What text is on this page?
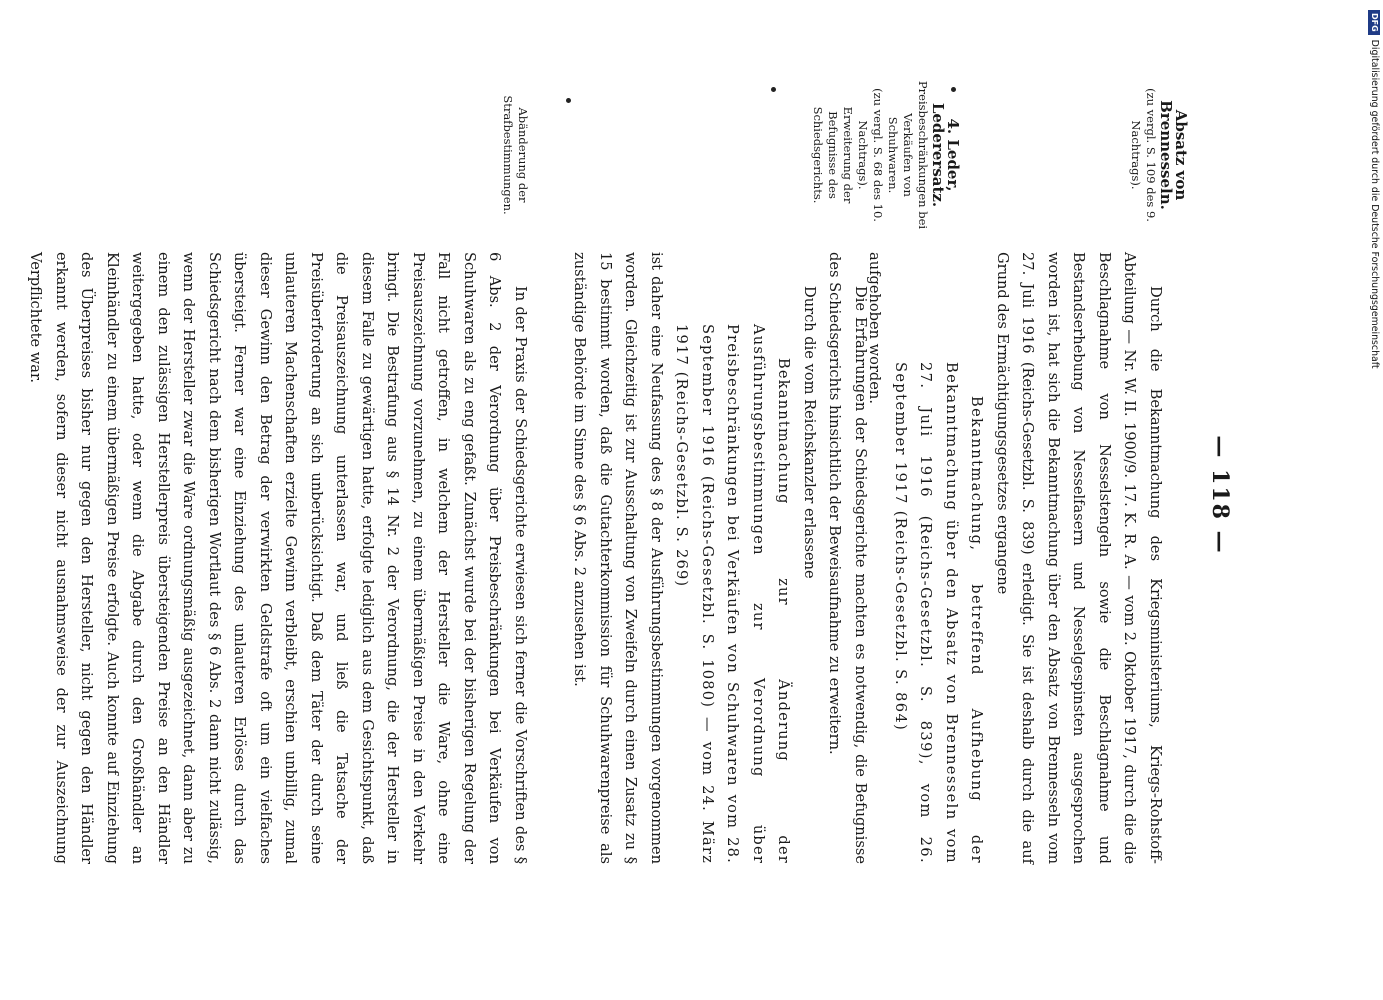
— 118 —
Absatz von Brennesseln.
(zu vergl. S. 109 des 9. Nachtrags).
4. Leder, Lederersatz.
Preisbeschränkungen bei Verkäufen von Schuhwaren.
(zu vergl. S. 68 des 10. Nachtrags).
Erweiterung der Befugnisse des Schiedsgerichts.
Abänderung der Strafbestimmungen.

Durch die Bekanntmachung des Kriegsministeriums, Kriegs-Rohstoff-Abteilung — Nr. W. II. 1900/9. 17. K. R. A. — vom 2. Oktober 1917, durch die die Beschlagnahme von Nesselstengeln sowie die Beschlagnahme und Bestandserhebung von Nesselfasern und Nesselgespinsten ausgesprochen worden ist, hat sich die Bekanntmachung über den Absatz von Brennesseln vom 27. Juli 1916 (Reichs-Gesetzbl. S. 839) erledigt. Sie ist deshalb durch die auf Grund des Ermächtigungsgesetzes ergangene

Bekanntmachung, betreffend Aufhebung der Bekanntmachung über den Absatz von Brennesseln vom 27. Juli 1916 (Reichs-Gesetzbl. S. 839), vom 26. September 1917 (Reichs-Gesetzbl. S. 864)

aufgehoben worden.

Die Erfahrungen der Schiedsgerichte machten es notwendig, die Befugnisse des Schiedsgerichts hinsichtlich der Beweisaufnahme zu erweitern.

Durch die vom Reichskanzler erlassene

Bekanntmachung zur Änderung der Ausführungsbestimmungen zur Verordnung über Preisbeschränkungen bei Verkäufen von Schuhwaren vom 28. September 1916 (Reichs-Gesetzbl. S. 1080) — vom 24. März 1917 (Reichs-Gesetzbl. S. 269)

ist daher eine Neufassung des § 8 der Ausführungsbestimmungen vorgenommen worden. Gleichzeitig ist zur Ausschaltung von Zweifeln durch einen Zusatz zu § 15 bestimmt worden, daß die Gutachterkommission für Schuhwarenpreise als zuständige Behörde im Sinne des § 6 Abs. 2 anzusehen ist.

In der Praxis der Schiedsgerichte erwiesen sich ferner die Vorschriften des § 6 Abs. 2 der Verordnung über Preisbeschränkungen bei Verkäufen von Schuhwaren als zu eng gefaßt. Zunächst wurde bei der bisherigen Regelung der Fall nicht getroffen, in welchem der Hersteller die Ware, ohne eine Preisauszeichnung vorzunehmen, zu einem übermäßigen Preise in den Verkehr bringt. Die Bestrafung aus § 14 Nr. 2 der Verordnung, die der Hersteller in diesem Falle zu gewärtigen hatte, erfolgte lediglich aus dem Gesichtspunkt, daß die Preisauszeichnung unterlassen war, und ließ die Tatsache der Preisüberforderung an sich unberücksichtigt. Daß dem Täter der durch seine unlauteren Machenschaften erzielte Gewinn verbleibt, erschien unbillig, zumal dieser Gewinn den Betrag der verwirkten Geldstrafe oft um ein vielfaches übersteigt. Ferner war eine Einziehung des unlauteren Erlöses durch das Schiedsgericht nach dem bisherigen Wortlaut des § 6 Abs. 2 dann nicht zulässig, wenn der Hersteller zwar die Ware ordnungsmäßig ausgezeichnet, dann aber zu einem den zulässigen Herstellerpreis übersteigenden Preise an den Händler weitergegeben hatte, oder wenn die Abgabe durch den Großhändler an Kleinhändler zu einem übermäßigen Preise erfolgte. Auch konnte auf Einziehung des Überpreises bisher nur gegen den Hersteller, nicht gegen den Händler erkannt werden, sofern dieser nicht ausnahmsweise der zur Auszeichnung Verpflichtete war.

DFGDigitalisierung gefördert durch die Deutsche Forschungsgemeinschaft
